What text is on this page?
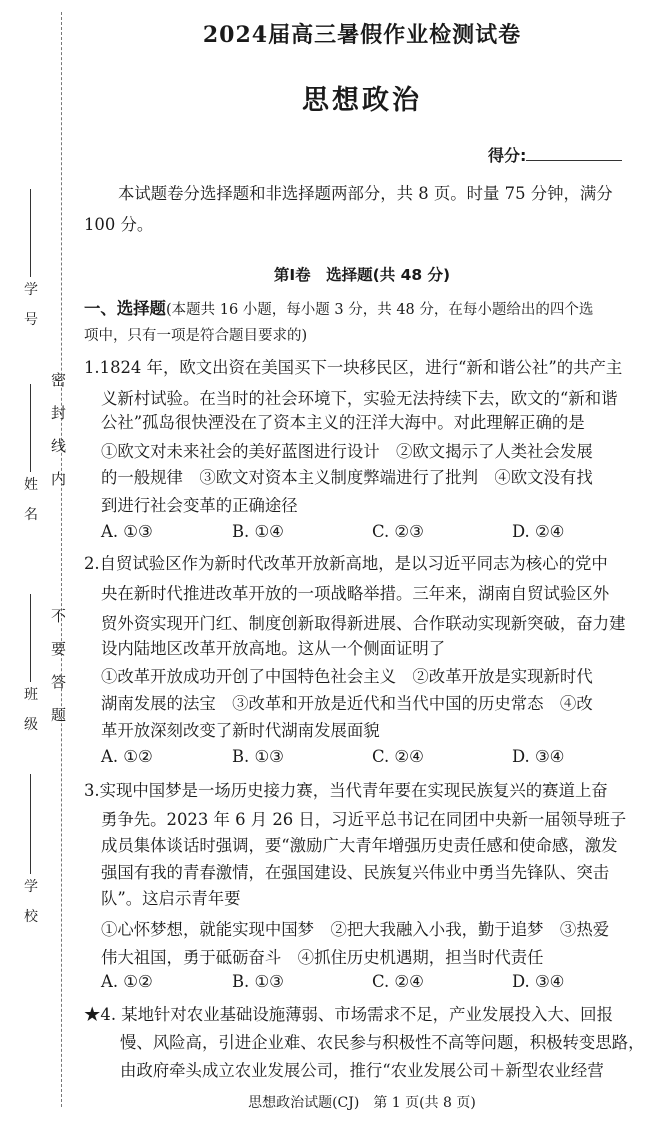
密封线内
不要答题
学号
姓名
班级
学校
2024届高三暑假作业检测试卷
思想政治
得分:
本试题卷分选择题和非选择题两部分，共 8 页。时量 75 分钟，满分
100 分。
第Ⅰ卷　选择题(共 48 分)
一、选择题(本题共 16 小题，每小题 3 分，共 48 分，在每小题给出的四个选
项中，只有一项是符合题目要求的)
1.1824 年，欧文出资在美国买下一块移民区，进行“新和谐公社”的共产主
义新村试验。在当时的社会环境下，实验无法持续下去，欧文的“新和谐
公社”孤岛很快湮没在了资本主义的汪洋大海中。对此理解正确的是
①欧文对未来社会的美好蓝图进行设计　②欧文揭示了人类社会发展
的一般规律　③欧文对资本主义制度弊端进行了批判　④欧文没有找
到进行社会变革的正确途径
A. ①③	B. ①④	C. ②③	D. ②④
2.自贸试验区作为新时代改革开放新高地，是以习近平同志为核心的党中
央在新时代推进改革开放的一项战略举措。三年来，湖南自贸试验区外
贸外资实现开门红、制度创新取得新进展、合作联动实现新突破，奋力建
设内陆地区改革开放高地。这从一个侧面证明了
①改革开放成功开创了中国特色社会主义　②改革开放是实现新时代
湖南发展的法宝　③改革和开放是近代和当代中国的历史常态　④改
革开放深刻改变了新时代湖南发展面貌
A. ①②	B. ①③	C. ②④	D. ③④
3.实现中国梦是一场历史接力赛，当代青年要在实现民族复兴的赛道上奋
勇争先。2023 年 6 月 26 日，习近平总书记在同团中央新一届领导班子
成员集体谈话时强调，要“激励广大青年增强历史责任感和使命感，激发
强国有我的青春激情，在强国建设、民族复兴伟业中勇当先锋队、突击
队”。这启示青年要
①心怀梦想，就能实现中国梦　②把大我融入小我，勤于追梦　③热爱
伟大祖国，勇于砥砺奋斗　④抓住历史机遇期，担当时代责任
A. ①②	B. ①③	C. ②④	D. ③④
★4. 某地针对农业基础设施薄弱、市场需求不足，产业发展投入大、回报
慢、风险高，引进企业难、农民参与积极性不高等问题，积极转变思路，
由政府牵头成立农业发展公司，推行“农业发展公司＋新型农业经营
思想政治试题(CJ)　第 1 页(共 8 页)
